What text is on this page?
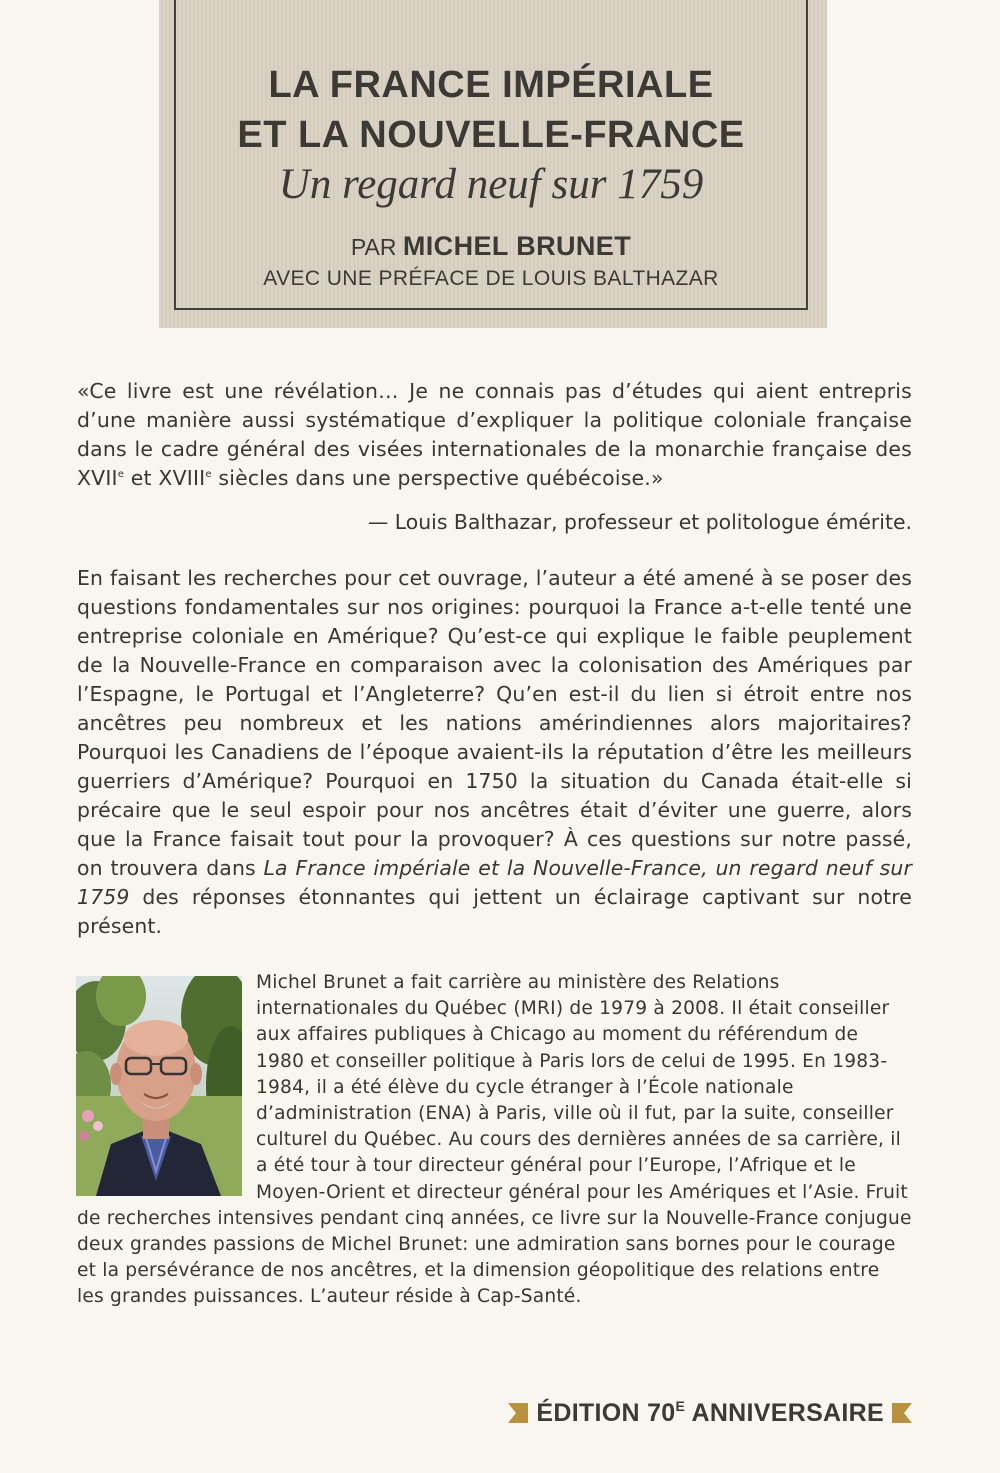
LA FRANCE IMPÉRIALE
ET LA NOUVELLE-FRANCE
Un regard neuf sur 1759
PAR MICHEL BRUNET
AVEC UNE PRÉFACE DE LOUIS BALTHAZAR

«Ce livre est une révélation… Je ne connais pas d’études qui aient entrepris d’une manière aussi systématique d’expliquer la politique coloniale française dans le cadre général des visées internationales de la monarchie française des XVIIe et XVIIIe siècles dans une perspective québécoise.»

— Louis Balthazar, professeur et politologue émérite.

En faisant les recherches pour cet ouvrage, l’auteur a été amené à se poser des questions fondamentales sur nos origines: pourquoi la France a-t-elle tenté une entreprise coloniale en Amérique? Qu’est-ce qui explique le faible peuplement de la Nouvelle-France en comparaison avec la colonisation des Amériques par l’Espagne, le Portugal et l’Angleterre? Qu’en est-il du lien si étroit entre nos ancêtres peu nombreux et les nations amérindiennes alors majoritaires? Pourquoi les Canadiens de l’époque avaient-ils la réputation d’être les meilleurs guerriers d’Amérique? Pourquoi en 1750 la situation du Canada était-elle si précaire que le seul espoir pour nos ancêtres était d’éviter une guerre, alors que la France faisait tout pour la provoquer? À ces questions sur notre passé, on trouvera dans La France impériale et la Nouvelle-France, un regard neuf sur 1759 des réponses étonnantes qui jettent un éclairage captivant sur notre présent.

Michel Brunet a fait carrière au ministère des Relations internationales du Québec (MRI) de 1979 à 2008. Il était conseiller aux affaires publiques à Chicago au moment du référendum de 1980 et conseiller politique à Paris lors de celui de 1995. En 1983-1984, il a été élève du cycle étranger à l’École nationale d’administration (ENA) à Paris, ville où il fut, par la suite, conseiller culturel du Québec. Au cours des dernières années de sa carrière, il a été tour à tour directeur général pour l’Europe, l’Afrique et le Moyen-Orient et directeur général pour les Amériques et l’Asie. Fruit de recherches intensives pendant cinq années, ce livre sur la Nouvelle-France conjugue deux grandes passions de Michel Brunet: une admiration sans bornes pour le courage et la persévérance de nos ancêtres, et la dimension géopolitique des relations entre les grandes puissances. L’auteur réside à Cap-Santé.

ÉDITION $70^E$ ANNIVERSAIRE
